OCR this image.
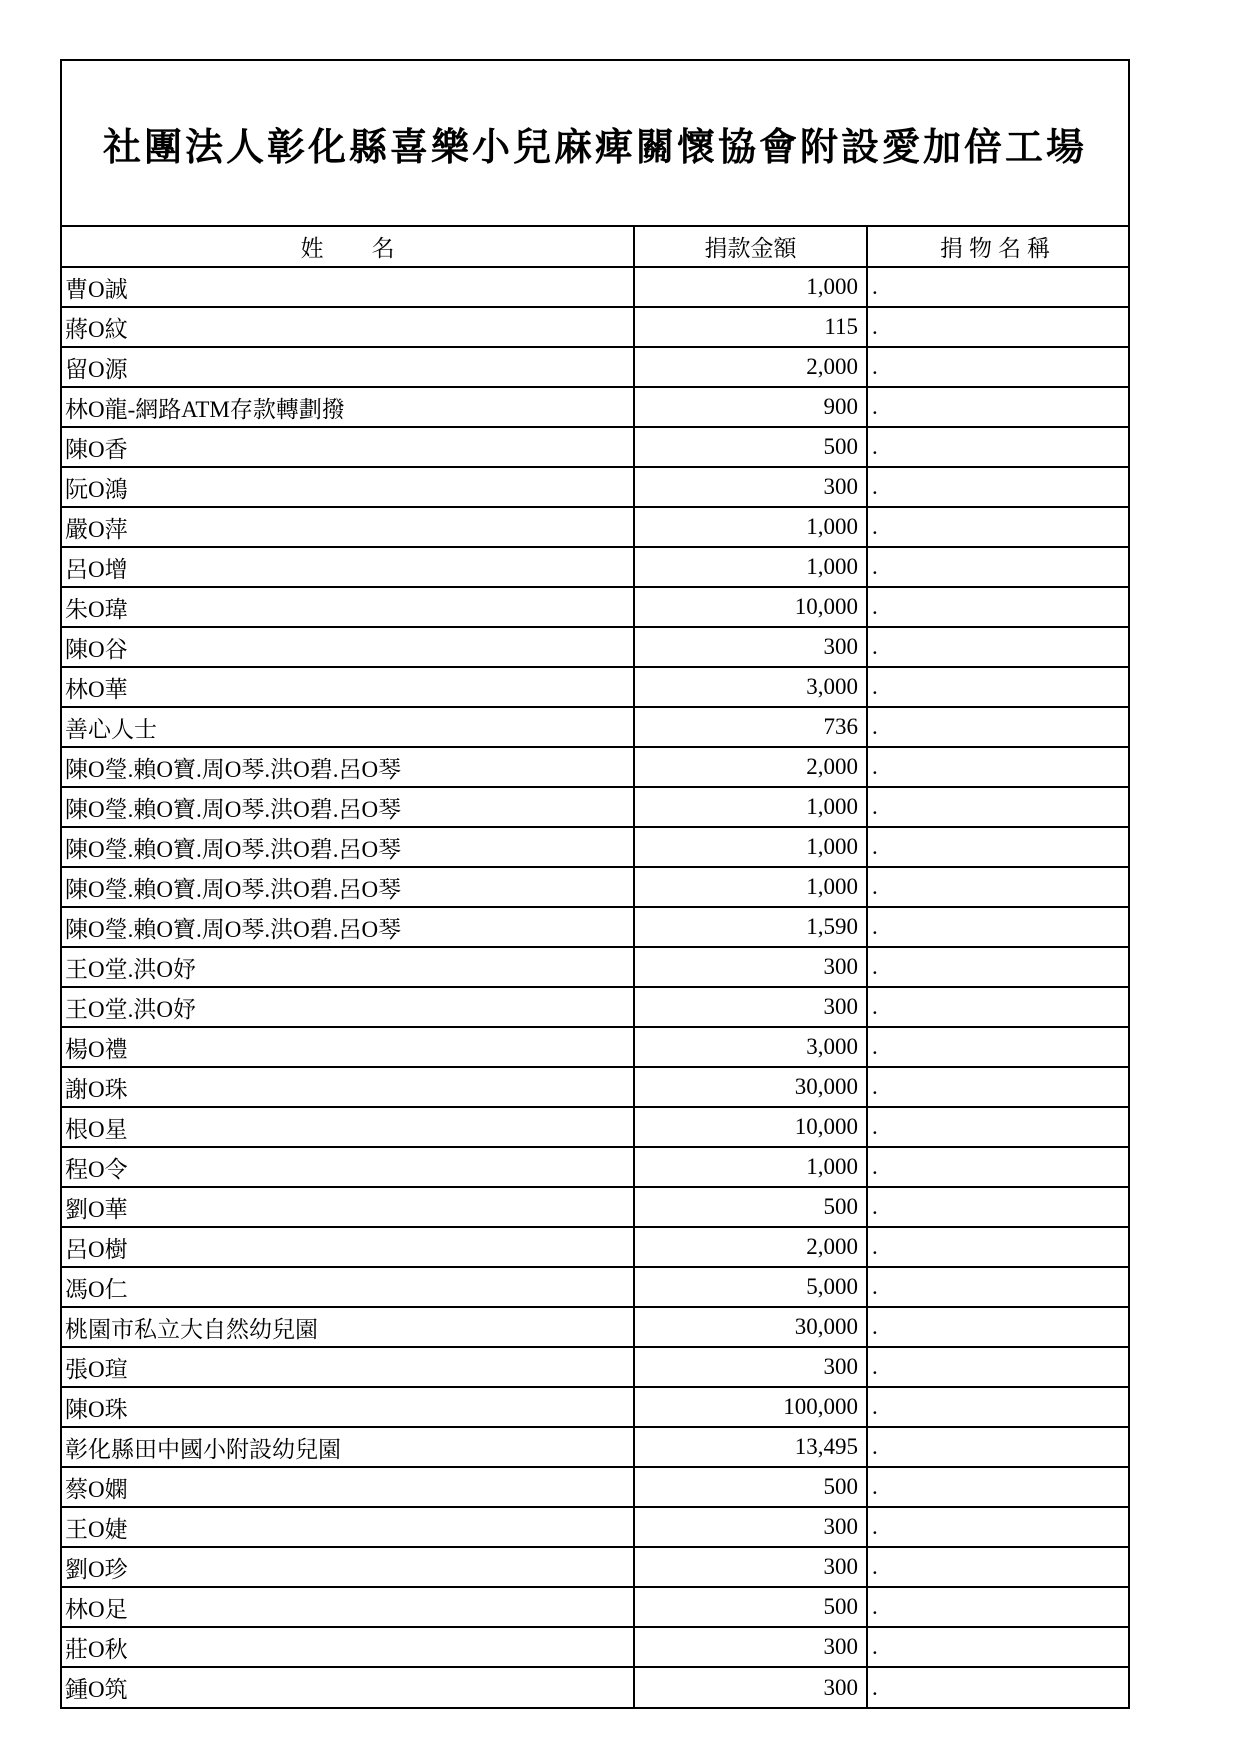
社團法人彰化縣喜樂小兒麻痺關懷協會附設愛加倍工場
姓名	捐款金額	捐物名稱
曹O誠	1,000	.
蔣O紋	115	.
留O源	2,000	.
林O龍-網路ATM存款轉劃撥	900	.
陳O香	500	.
阮O鴻	300	.
嚴O萍	1,000	.
呂O增	1,000	.
朱O瑋	10,000	.
陳O谷	300	.
林O華	3,000	.
善心人士	736	.
陳O瑩.賴O寶.周O琴.洪O碧.呂O琴	2,000	.
陳O瑩.賴O寶.周O琴.洪O碧.呂O琴	1,000	.
陳O瑩.賴O寶.周O琴.洪O碧.呂O琴	1,000	.
陳O瑩.賴O寶.周O琴.洪O碧.呂O琴	1,000	.
陳O瑩.賴O寶.周O琴.洪O碧.呂O琴	1,590	.
王O堂.洪O妤	300	.
王O堂.洪O妤	300	.
楊O禮	3,000	.
謝O珠	30,000	.
根O星	10,000	.
程O令	1,000	.
劉O華	500	.
呂O樹	2,000	.
馮O仁	5,000	.
桃園市私立大自然幼兒園	30,000	.
張O瑄	300	.
陳O珠	100,000	.
彰化縣田中國小附設幼兒園	13,495	.
蔡O嫻	500	.
王O婕	300	.
劉O珍	300	.
林O足	500	.
莊O秋	300	.
鍾O筑	300	.
